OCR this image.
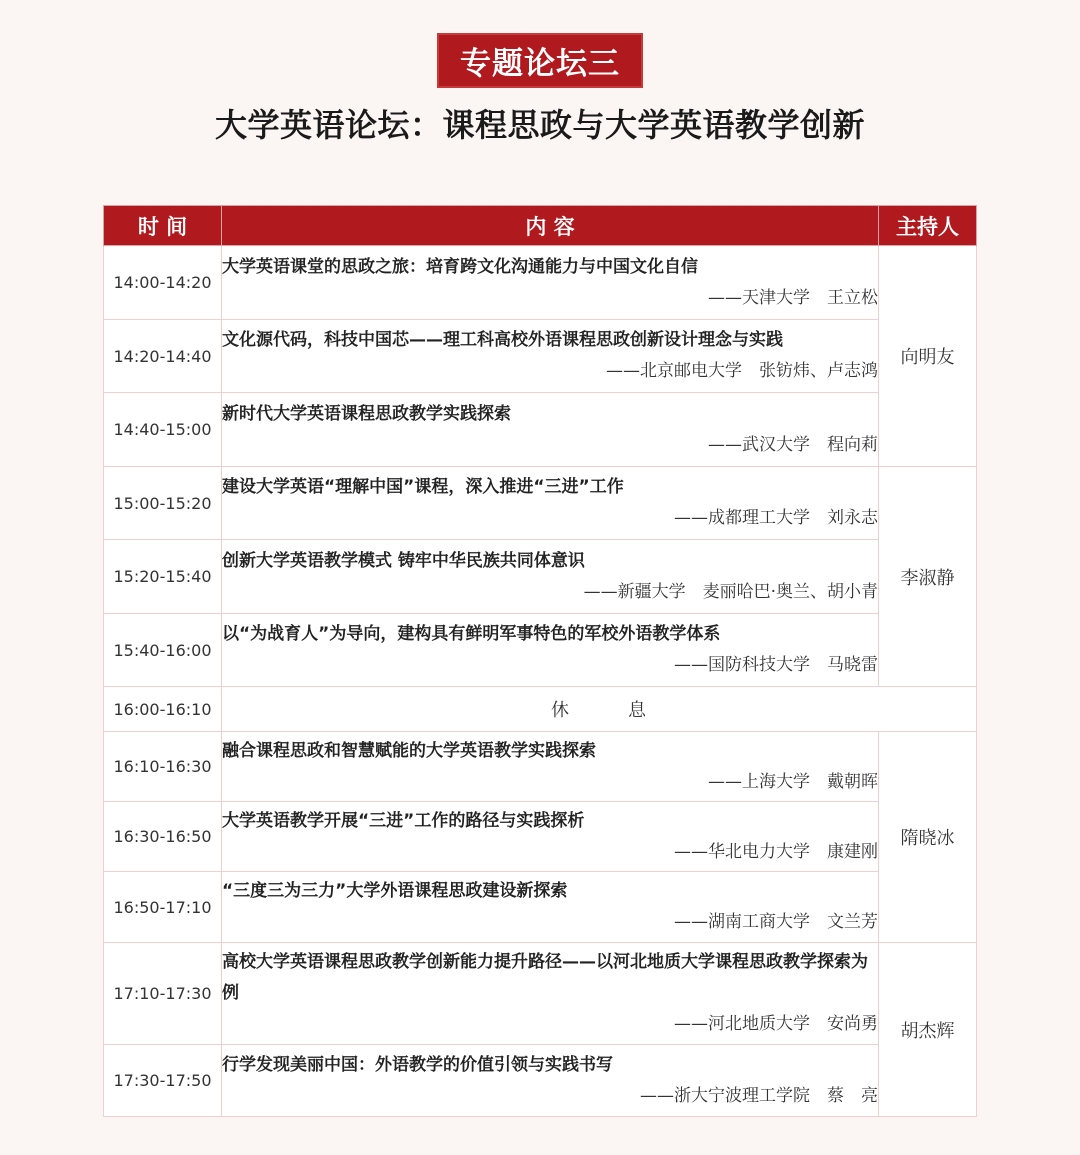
专题论坛三
大学英语论坛：课程思政与大学英语教学创新
时 间	内 容	主持人
14:00-14:20	大学英语课堂的思政之旅：培育跨文化沟通能力与中国文化自信
——天津大学　王立松	向明友
14:20-14:40	文化源代码，科技中国芯——理工科高校外语课程思政创新设计理念与实践
——北京邮电大学　张钫炜、卢志鸿	

14:40-15:00	新时代大学英语课程思政教学实践探索
——武汉大学　程向莉	

15:00-15:20	建设大学英语“理解中国”课程，深入推进“三进”工作
——成都理工大学　刘永志	李淑静
15:20-15:40	创新大学英语教学模式 铸牢中华民族共同体意识
——新疆大学　麦丽哈巴·奥兰、胡小青	

15:40-16:00	以“为战育人”为导向，建构具有鲜明军事特色的军校外语教学体系
——国防科技大学　马晓雷	

16:00-16:10	休 息	
16:10-16:30	融合课程思政和智慧赋能的大学英语教学实践探索
——上海大学　戴朝晖	隋晓冰
16:30-16:50	大学英语教学开展“三进”工作的路径与实践探析
——华北电力大学　康建刚	

16:50-17:10	“三度三为三力”大学外语课程思政建设新探索
——湖南工商大学　文兰芳	

17:10-17:30	高校大学英语课程思政教学创新能力提升路径——以河北地质大学课程思政教学探索为例
——河北地质大学　安尚勇	胡杰辉
17:30-17:50	行学发现美丽中国：外语教学的价值引领与实践书写
——浙大宁波理工学院　蔡　亮	
